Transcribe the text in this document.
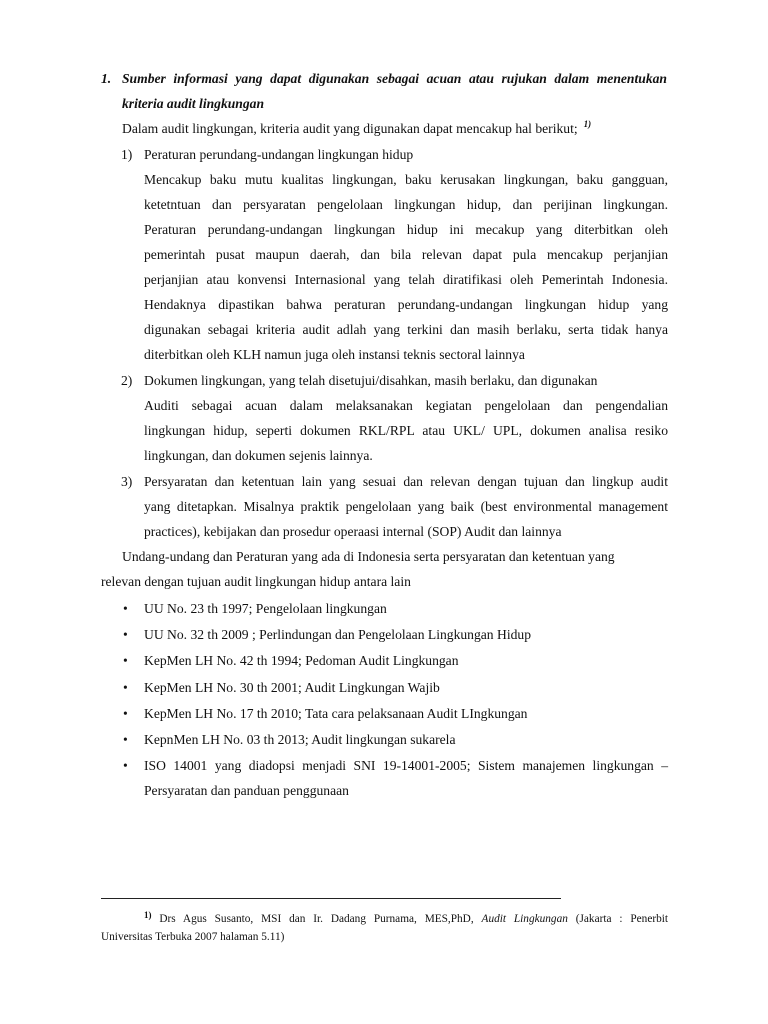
1. Sumber informasi yang dapat digunakan sebagai acuan atau rujukan dalam menentukan
kriteria audit lingkungan
Dalam audit lingkungan, kriteria audit yang digunakan dapat mencakup hal berikut; $^{1)}$
1) Peraturan perundang-undangan lingkungan hidup
Mencakup baku mutu kualitas lingkungan, baku kerusakan lingkungan, baku gangguan,
ketetntuan dan persyaratan pengelolaan lingkungan hidup, dan perijinan lingkungan.
Peraturan perundang-undangan lingkungan hidup ini mecakup yang diterbitkan oleh
pemerintah pusat maupun daerah, dan bila relevan dapat pula mencakup perjanjian
perjanjian atau konvensi Internasional yang telah diratifikasi oleh Pemerintah Indonesia.
Hendaknya dipastikan bahwa peraturan perundang-undangan lingkungan hidup yang
digunakan sebagai kriteria audit adlah yang terkini dan masih berlaku, serta tidak hanya
diterbitkan oleh KLH namun juga oleh instansi teknis sectoral lainnya
2) Dokumen lingkungan, yang telah disetujui/disahkan, masih berlaku, dan digunakan
Auditi sebagai acuan dalam melaksanakan kegiatan pengelolaan dan pengendalian
lingkungan hidup, seperti dokumen RKL/RPL atau UKL/ UPL, dokumen analisa resiko
lingkungan, dan dokumen sejenis lainnya.
3) Persyaratan dan ketentuan lain yang sesuai dan relevan dengan tujuan dan lingkup audit
yang ditetapkan. Misalnya praktik pengelolaan yang baik (best environmental management
practices), kebijakan dan prosedur operaasi internal (SOP) Audit dan lainnya
Undang-undang dan Peraturan yang ada di Indonesia serta persyaratan dan ketentuan yang
relevan dengan tujuan audit lingkungan hidup antara lain
• UU No. 23 th 1997; Pengelolaan lingkungan
• UU No. 32 th 2009 ; Perlindungan dan Pengelolaan Lingkungan Hidup
• KepMen LH No. 42 th 1994; Pedoman Audit Lingkungan
• KepMen LH No. 30 th 2001; Audit Lingkungan Wajib
• KepMen LH No. 17 th 2010; Tata cara pelaksanaan Audit LIngkungan
• KepnMen LH No. 03 th 2013; Audit lingkungan sukarela
• ISO 14001 yang diadopsi menjadi SNI 19-14001-2005; Sistem manajemen lingkungan –
Persyaratan dan panduan penggunaan
$^{1)}$ Drs Agus Susanto, MSI dan Ir. Dadang Purnama, MES,PhD, Audit Lingkungan (Jakarta : Penerbit
Universitas Terbuka 2007 halaman 5.11)
